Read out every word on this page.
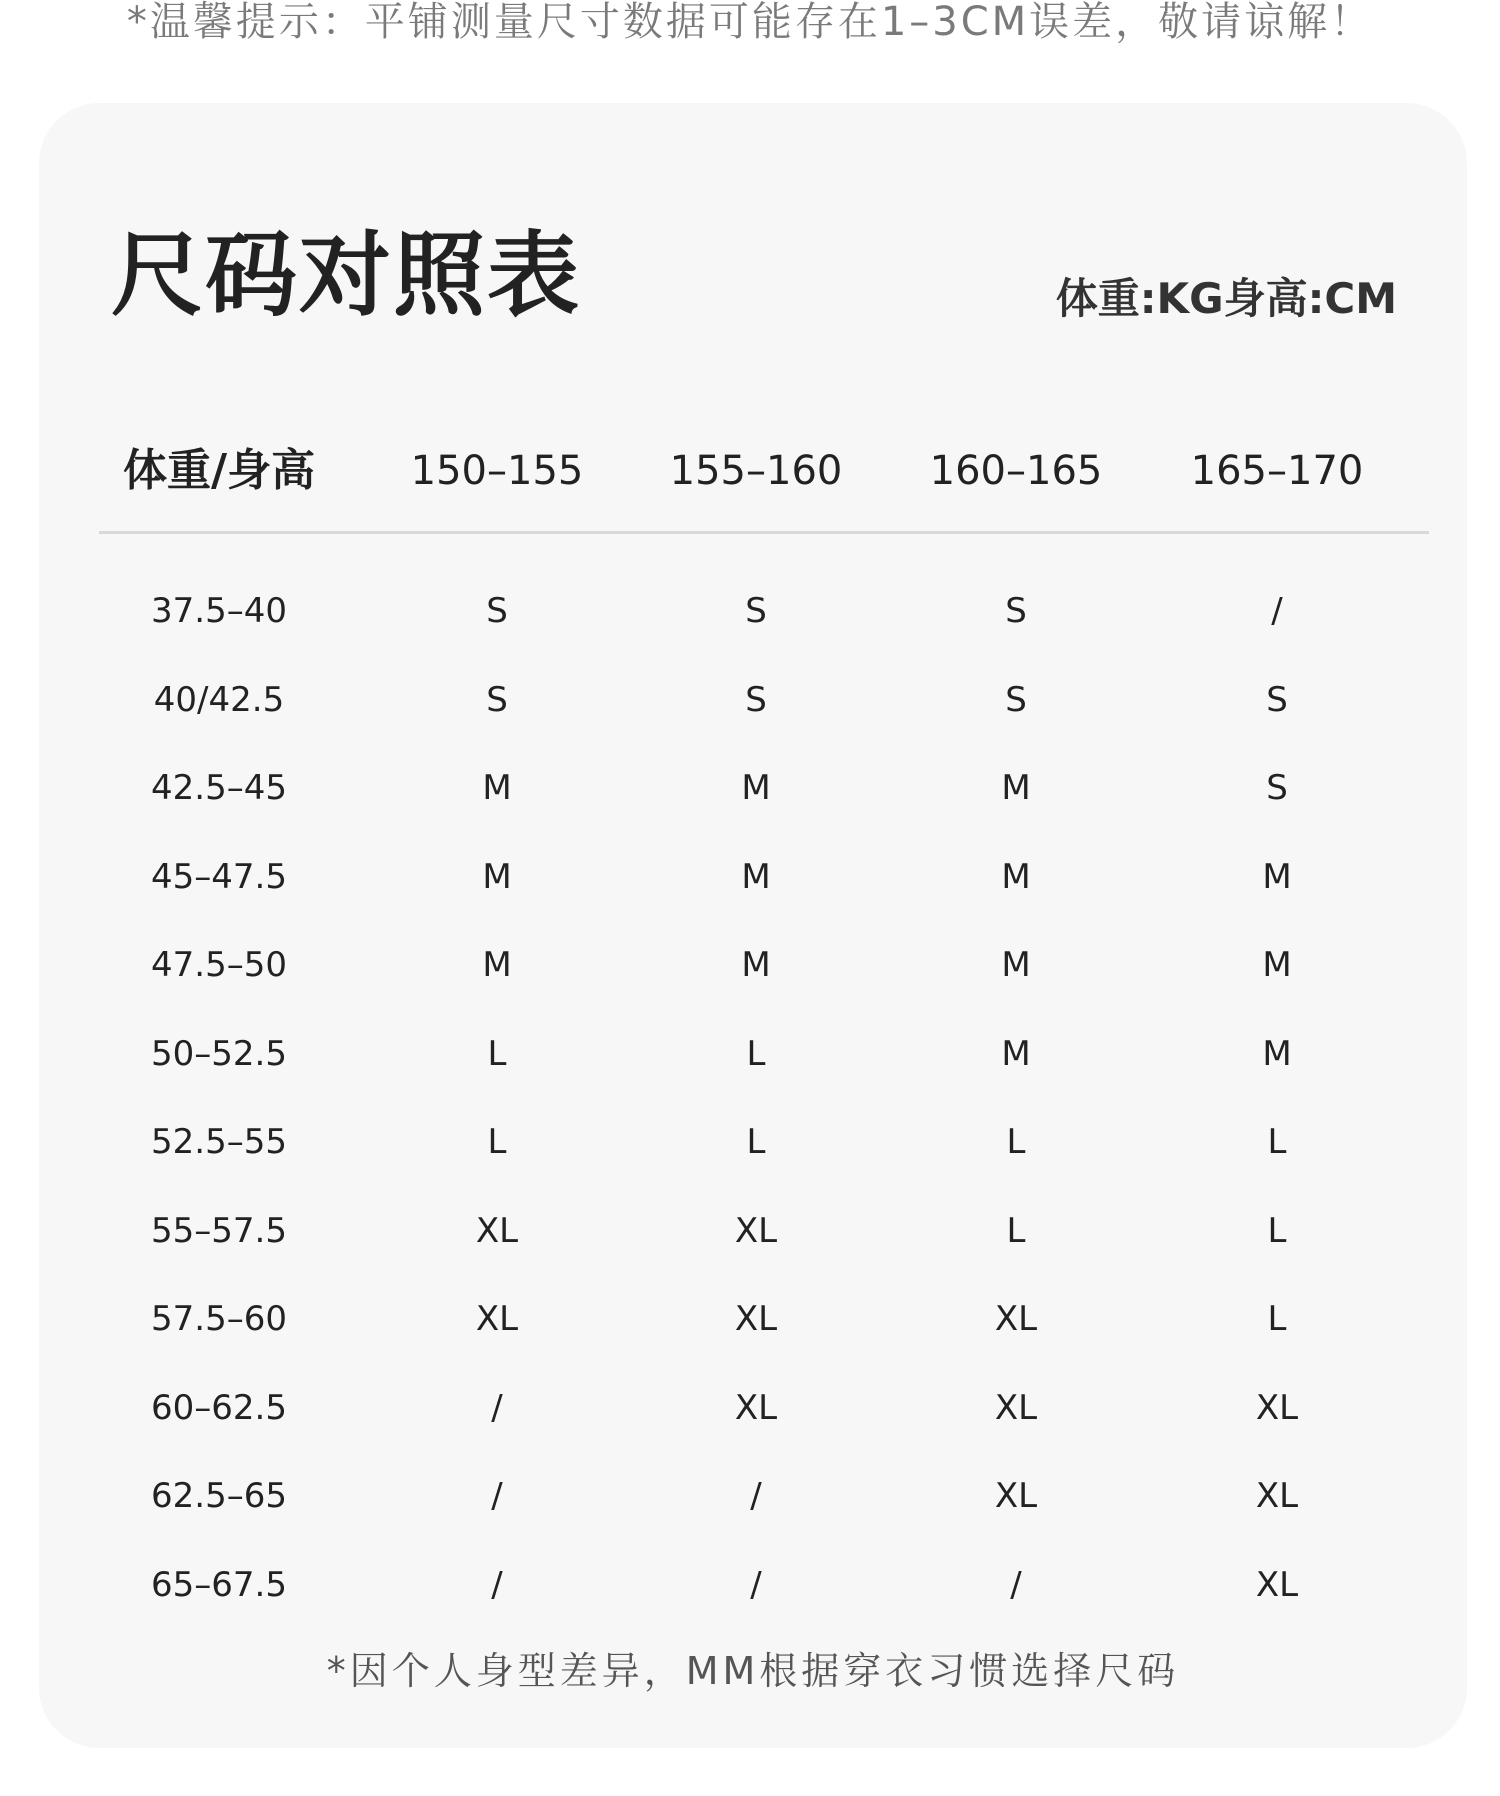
*温馨提示：平铺测量尺寸数据可能存在1–3CM误差，敬请谅解！
尺码对照表	体重:KG身高:CM
体重/身高	150–155	155–160	160–165	165–170
37.5–40	S	S	S	/
40/42.5	S	S	S	S
42.5–45	M	M	M	S
45–47.5	M	M	M	M
47.5–50	M	M	M	M
50–52.5	L	L	M	M
52.5–55	L	L	L	L
55–57.5	XL	XL	L	L
57.5–60	XL	XL	XL	L
60–62.5	/	XL	XL	XL
62.5–65	/	/	XL	XL
65–67.5	/	/	/	XL
*因个人身型差异，MM根据穿衣习惯选择尺码
